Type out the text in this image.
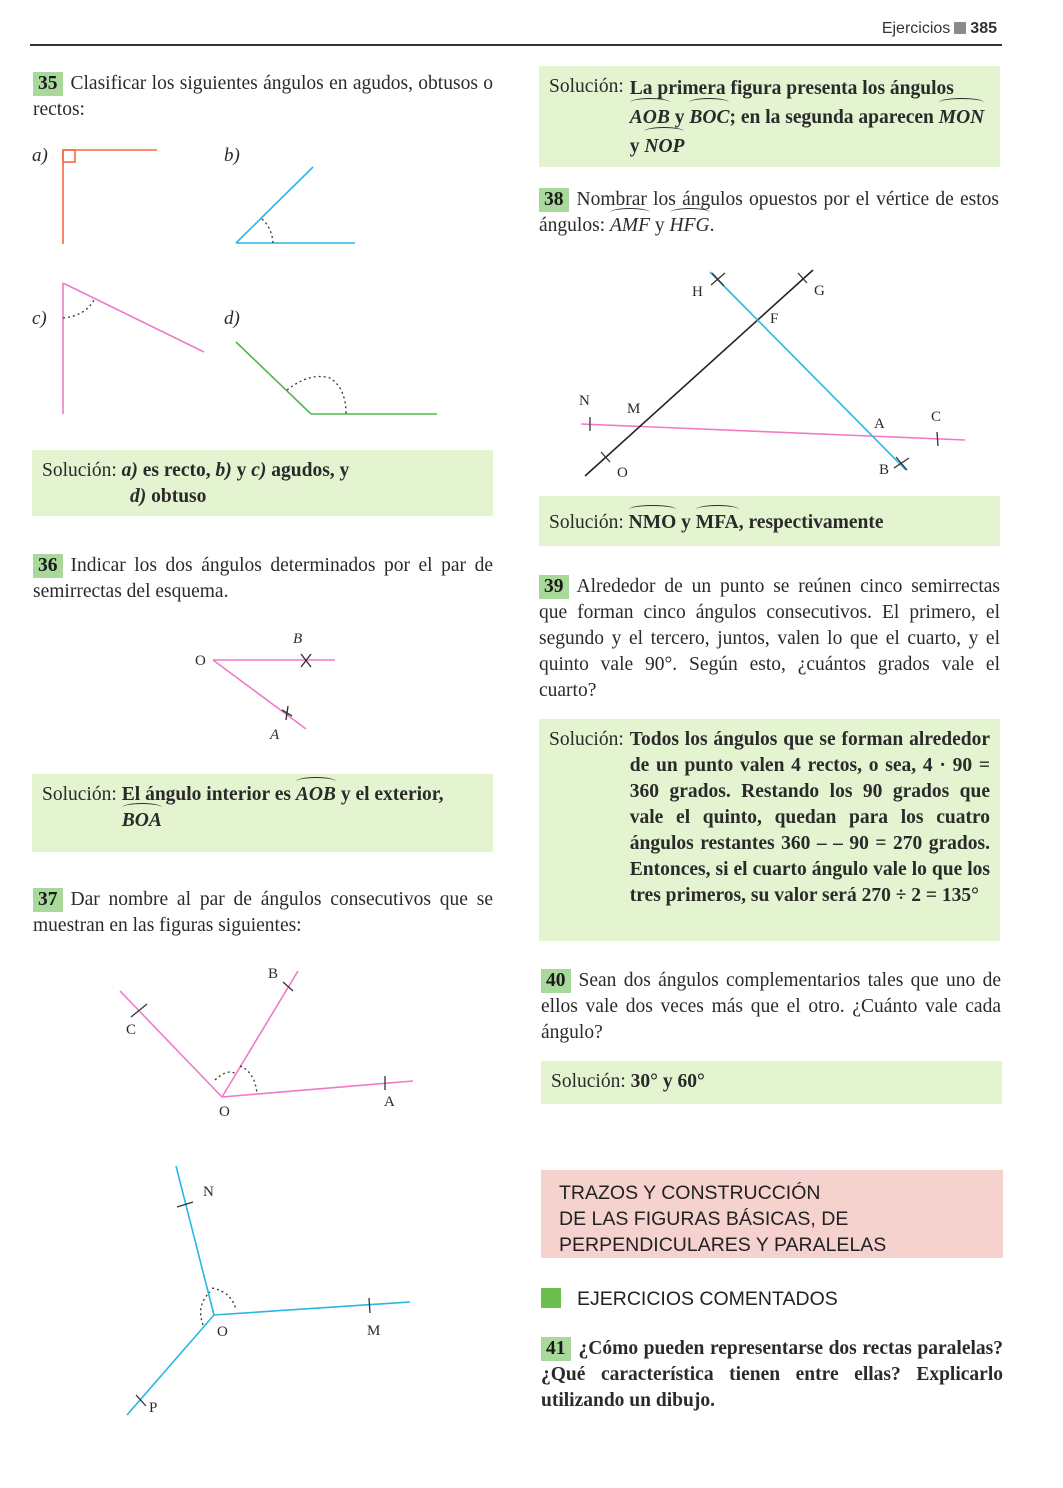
Ejercicios 385
35 Clasificar los siguientes ángulos en agudos, obtusos o rectos:
a)	b)
c)	d)
O
B
A
B
C
O
A
N
O	M
P
H	G
F
N M
A	C
O	B
Solución: a) es recto, b) y c) agudos, y
d) obtuso
36 Indicar los dos ángulos determinados por el par de semirrectas del esquema.
Solución: El ángulo interior es AOB y el exterior,
BOA
37 Dar nombre al par de ángulos consecutivos que se muestran en las figuras siguientes:
Solución: La primera figura presenta los ángulos AOB y BOC; en la segunda aparecen MON y NOP
38 Nombrar los ángulos opuestos por el vértice de estos ángulos: AMF y HFG.
Solución: NMO y MFA, respectivamente
39 Alrededor de un punto se reúnen cinco semirrectas que forman cinco ángulos consecutivos. El primero, el segundo y el tercero, juntos, valen lo que el cuarto, y el quinto vale 90°. Según esto, ¿cuántos grados vale el cuarto?
Solución: Todos los ángulos que se forman alrededor de un punto valen 4 rectos, o sea, 4 · 90 = 360 grados. Restando los 90 grados que vale el quinto, quedan para los cuatro ángulos restantes 360 – – 90 = 270 grados. Entonces, si el cuarto ángulo vale lo que los tres primeros, su valor será 270 ÷ 2 = 135°
40 Sean dos ángulos complementarios tales que uno de ellos vale dos veces más que el otro. ¿Cuánto vale cada ángulo?
Solución: 30° y 60°
TRAZOS Y CONSTRUCCIÓN
DE LAS FIGURAS BÁSICAS, DE
PERPENDICULARES Y PARALELAS
EJERCICIOS COMENTADOS
41 ¿Cómo pueden representarse dos rectas paralelas? ¿Qué característica tienen entre ellas? Explicarlo utilizando un dibujo.
